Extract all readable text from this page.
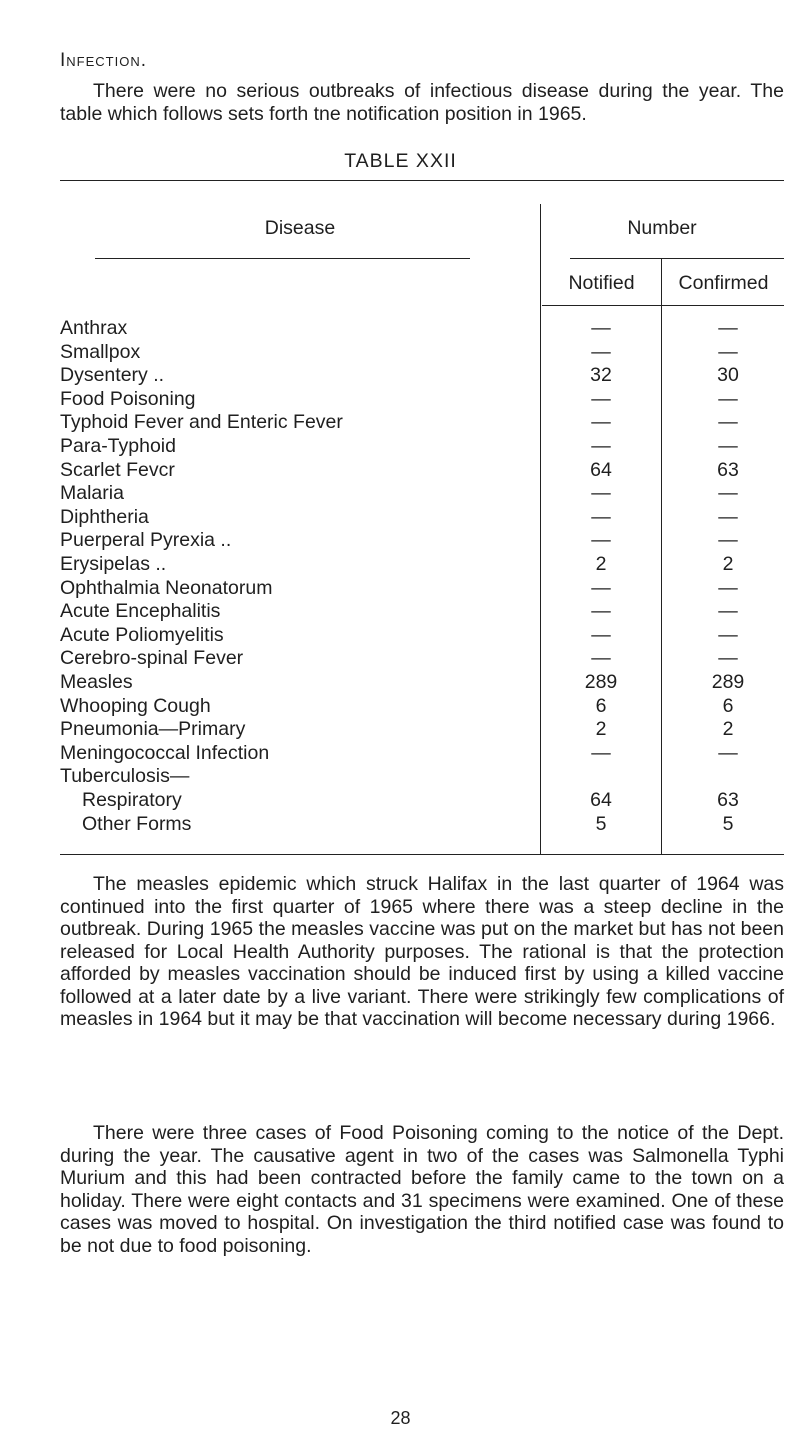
Infection.

There were no serious outbreaks of infectious disease during the year. The table which follows sets forth tne notification position in 1965.

TABLE XXII
Disease	Number
Notified	Confirmed
Anthrax	—	—
Smallpox	—	—
Dysentery ..	32	30
Food Poisoning	—	—
Typhoid Fever and Enteric Fever	—	—
Para-Typhoid	—	—
Scarlet Fevcr	64	63
Malaria	—	—
Diphtheria	—	—
Puerperal Pyrexia ..	—	—
Erysipelas ..	2	2
Ophthalmia Neonatorum	—	—
Acute Encephalitis	—	—
Acute Poliomyelitis	—	—
Cerebro-spinal Fever	—	—
Measles	289	289
Whooping Cough	6	6
Pneumonia—Primary	2	2
Meningococcal Infection	—	—
Tuberculosis—
Respiratory	64	63
Other Forms	5	5

The measles epidemic which struck Halifax in the last quarter of 1964 was continued into the first quarter of 1965 where there was a steep decline in the outbreak. During 1965 the measles vaccine was put on the market but has not been released for Local Health Authority purposes. The rational is that the protection afforded by measles vaccination should be induced first by using a killed vaccine followed at a later date by a live variant. There were strikingly few complications of measles in 1964 but it may be that vaccination will become necessary during 1966.

There were three cases of Food Poisoning coming to the notice of the Dept. during the year. The causative agent in two of the cases was Salmonella Typhi Murium and this had been contracted before the family came to the town on a holiday. There were eight contacts and 31 specimens were examined. One of these cases was moved to hospital. On investigation the third notified case was found to be not due to food poisoning.

28
